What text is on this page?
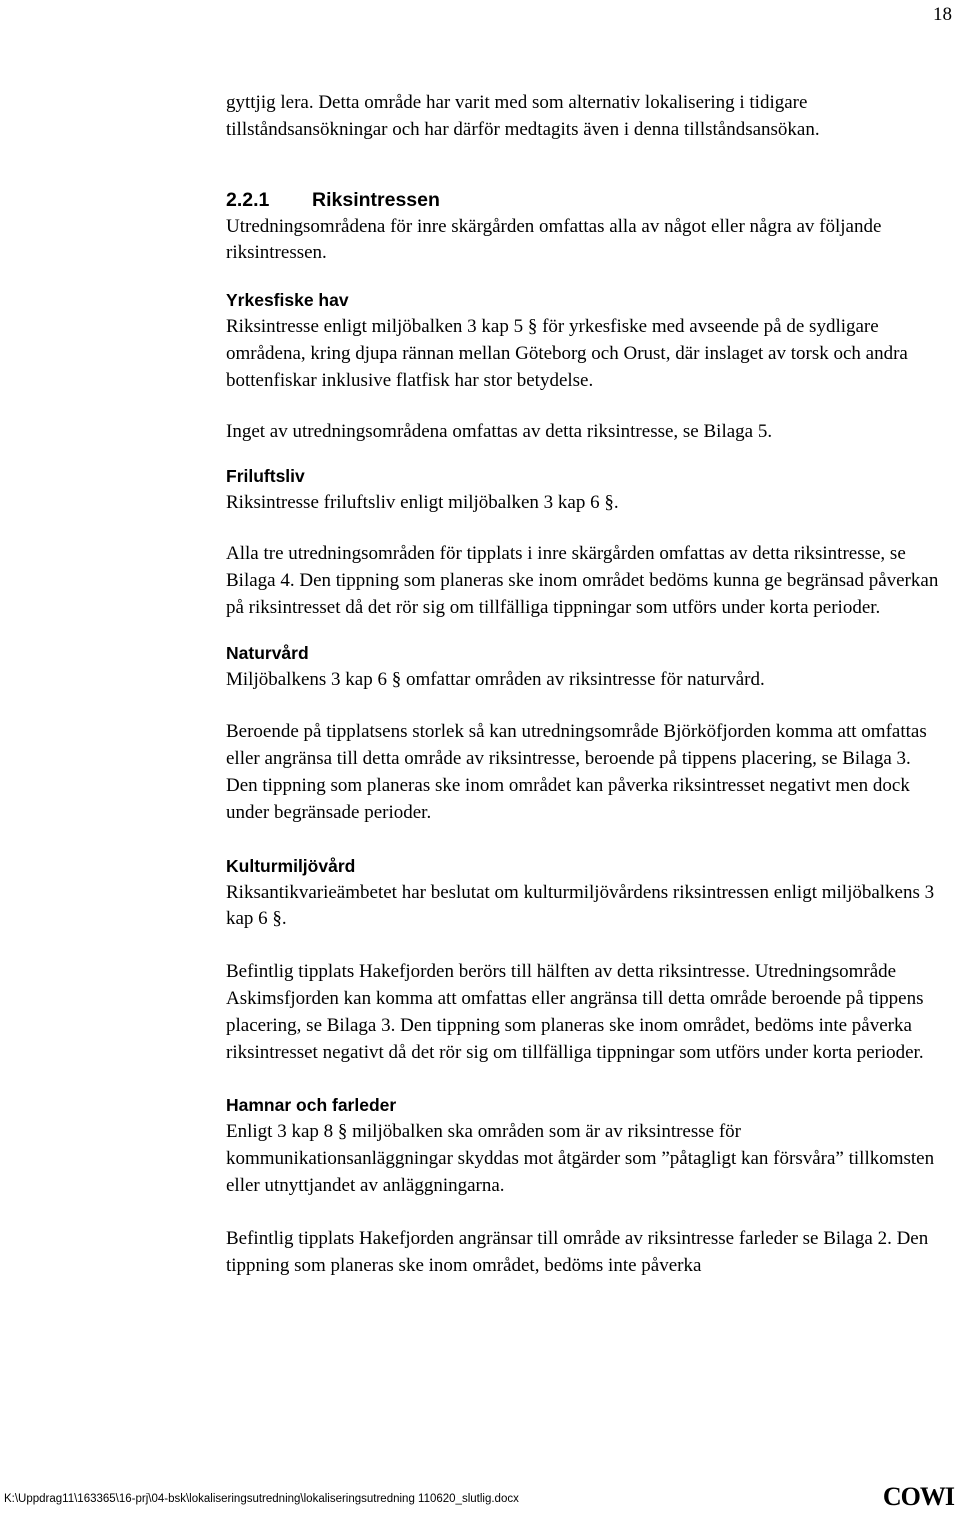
18

gyttjig lera. Detta område har varit med som alternativ lokalisering i tidigare tillståndsansökningar och har därför medtagits även i denna tillståndsansökan.

2.2.1 Riksintressen

Utredningsområdena för inre skärgården omfattas alla av något eller några av följande riksintressen.

Yrkesfiske hav

Riksintresse enligt miljöbalken 3 kap 5 § för yrkesfiske med avseende på de sydligare områdena, kring djupa rännan mellan Göteborg och Orust, där inslaget av torsk och andra bottenfiskar inklusive flatfisk har stor betydelse.

Inget av utredningsområdena omfattas av detta riksintresse, se Bilaga 5.

Friluftsliv

Riksintresse friluftsliv enligt miljöbalken 3 kap 6 §.

Alla tre utredningsområden för tipplats i inre skärgården omfattas av detta riksintresse, se Bilaga 4. Den tippning som planeras ske inom området bedöms kunna ge begränsad påverkan på riksintresset då det rör sig om tillfälliga tippningar som utförs under korta perioder.

Naturvård

Miljöbalkens 3 kap 6 § omfattar områden av riksintresse för naturvård.

Beroende på tipplatsens storlek så kan utredningsområde Björköfjorden komma att omfattas eller angränsa till detta område av riksintresse, beroende på tippens placering, se Bilaga 3. Den tippning som planeras ske inom området kan påverka riksintresset negativt men dock under begränsade perioder.

Kulturmiljövård

Riksantikvarieämbetet har beslutat om kulturmiljövårdens riksintressen enligt miljöbalkens 3 kap 6 §.

Befintlig tipplats Hakefjorden berörs till hälften av detta riksintresse. Utredningsområde Askimsfjorden kan komma att omfattas eller angränsa till detta område beroende på tippens placering, se Bilaga 3. Den tippning som planeras ske inom området, bedöms inte påverka riksintresset negativt då det rör sig om tillfälliga tippningar som utförs under korta perioder.

Hamnar och farleder

Enligt 3 kap 8 § miljöbalken ska områden som är av riksintresse för kommunikationsanläggningar skyddas mot åtgärder som ”påtagligt kan försvåra” tillkomsten eller utnyttjandet av anläggningarna.

Befintlig tipplats Hakefjorden angränsar till område av riksintresse farleder se Bilaga 2. Den tippning som planeras ske inom området, bedöms inte påverka

K:\Uppdrag11\163365\16-prj\04-bsk\lokaliseringsutredning\lokaliseringsutredning 110620_slutlig.docx	COWI
